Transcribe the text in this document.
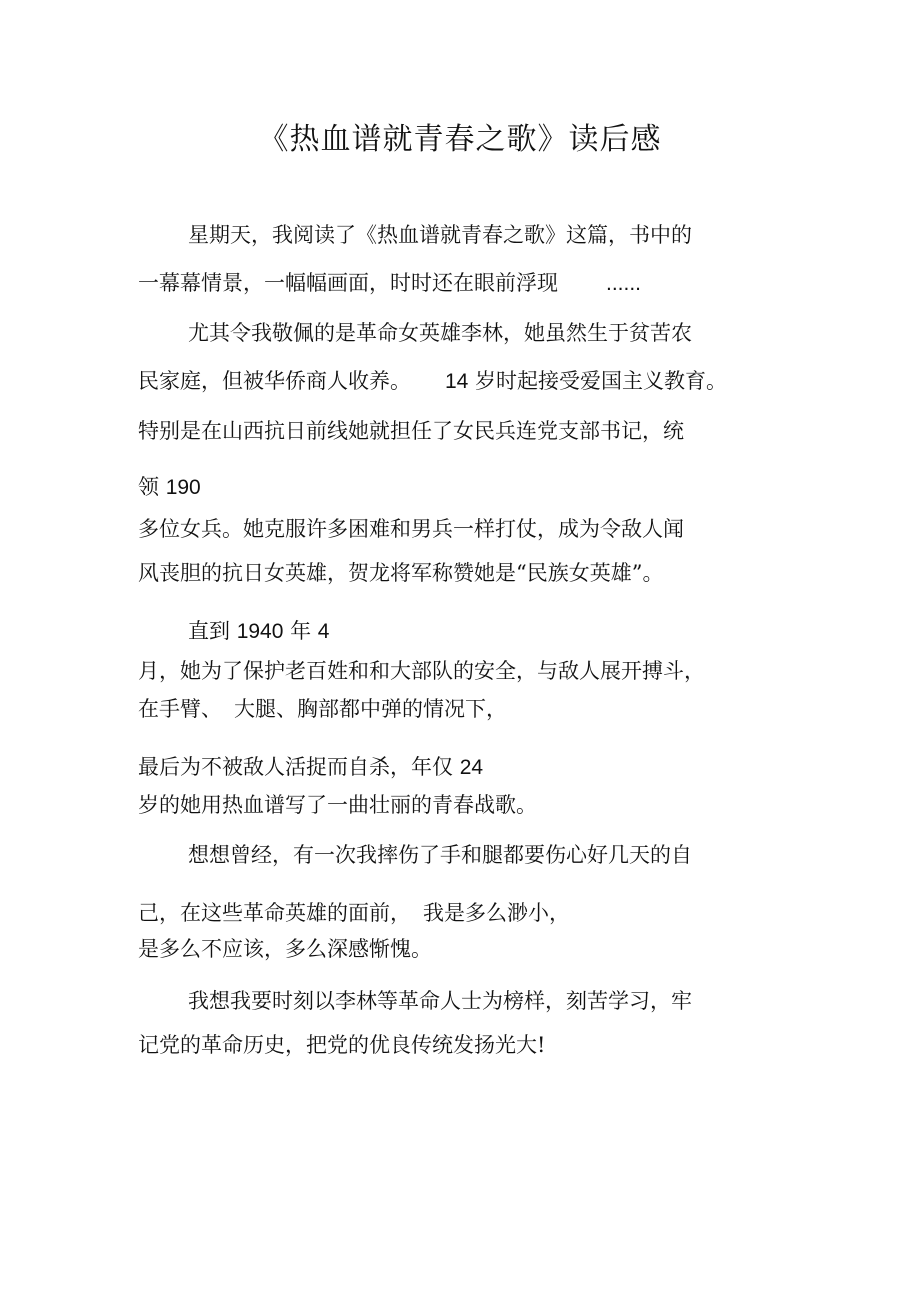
《热血谱就青春之歌》读后感
星期天，我阅读了《热血谱就青春之歌》这篇，书中的
一幕幕情景，一幅幅画面，时时还在眼前浮现 ......
尤其令我敬佩的是革命女英雄李林，她虽然生于贫苦农
民家庭，但被华侨商人收养。 14 岁时起接受爱国主义教育。
特别是在山西抗日前线她就担任了女民兵连党支部书记，统
领 190
多位女兵。她克服许多困难和男兵一样打仗，成为令敌人闻
风丧胆的抗日女英雄，贺龙将军称赞她是“民族女英雄”。
直到 1940 年 4
月，她为了保护老百姓和和大部队的安全，与敌人展开搏斗，
在手臂、 大腿、胸部都中弹的情况下，
最后为不被敌人活捉而自杀，年仅 24
岁的她用热血谱写了一曲壮丽的青春战歌。
想想曾经，有一次我摔伤了手和腿都要伤心好几天的自
己，在这些革命英雄的面前， 我是多么渺小，
是多么不应该，多么深感惭愧。
我想我要时刻以李林等革命人士为榜样，刻苦学习，牢
记党的革命历史，把党的优良传统发扬光大!
